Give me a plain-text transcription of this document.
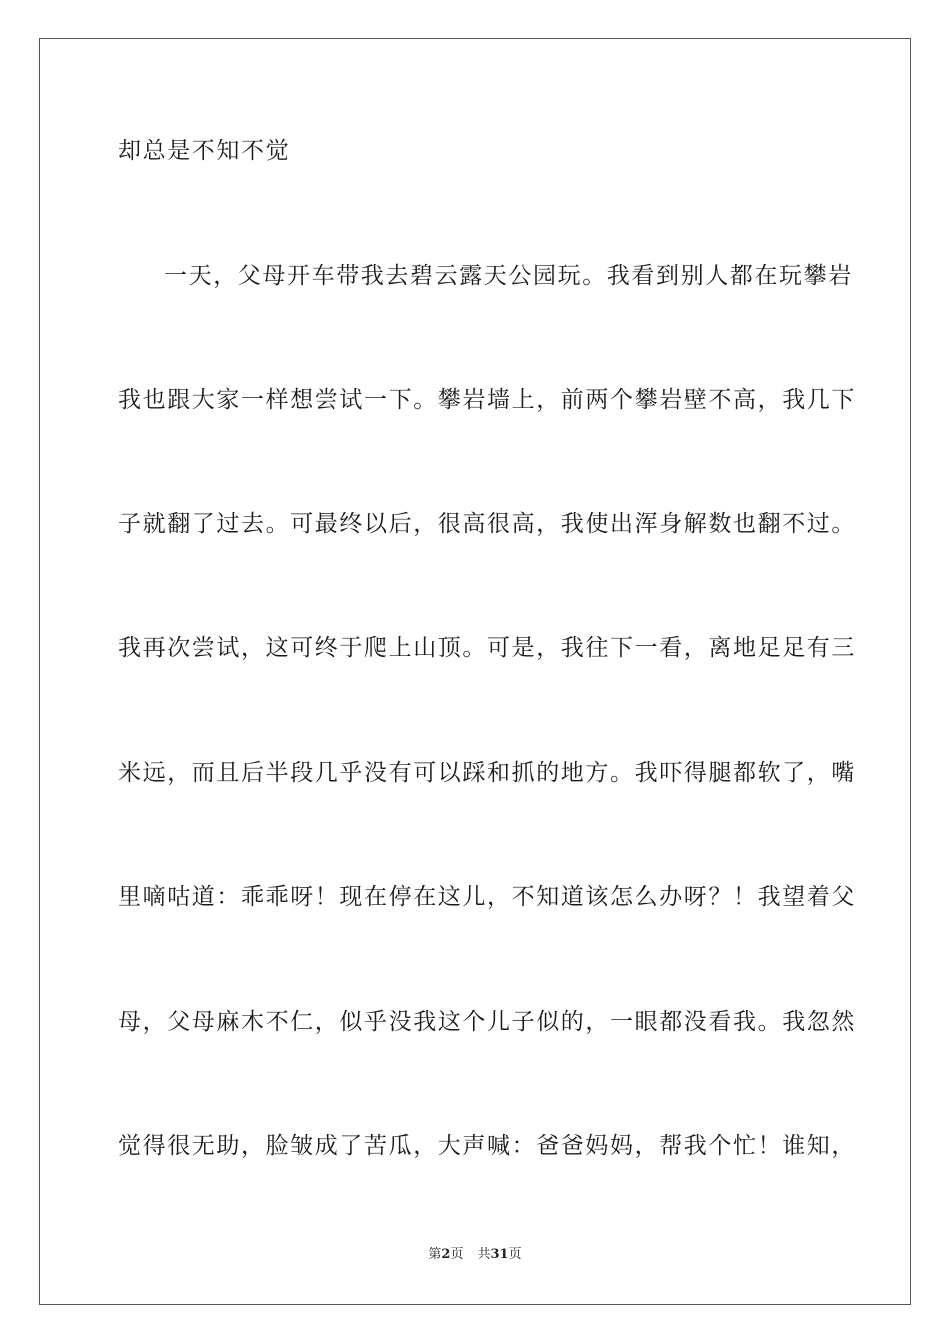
却总是不知不觉
一天，父母开车带我去碧云露天公园玩。我看到别人都在玩攀岩
我也跟大家一样想尝试一下。攀岩墙上，前两个攀岩壁不高，我几下
子就翻了过去。可最终以后，很高很高，我使出浑身解数也翻不过。
我再次尝试，这可终于爬上山顶。可是，我往下一看，离地足足有三
米远，而且后半段几乎没有可以踩和抓的地方。我吓得腿都软了，嘴
里嘀咕道：乖乖呀！现在停在这儿，不知道该怎么办呀？！我望着父
母，父母麻木不仁，似乎没我这个儿子似的，一眼都没看我。我忽然
觉得很无助，脸皱成了苦瓜，大声喊：爸爸妈妈，帮我个忙！谁知，
第2页 共31页
